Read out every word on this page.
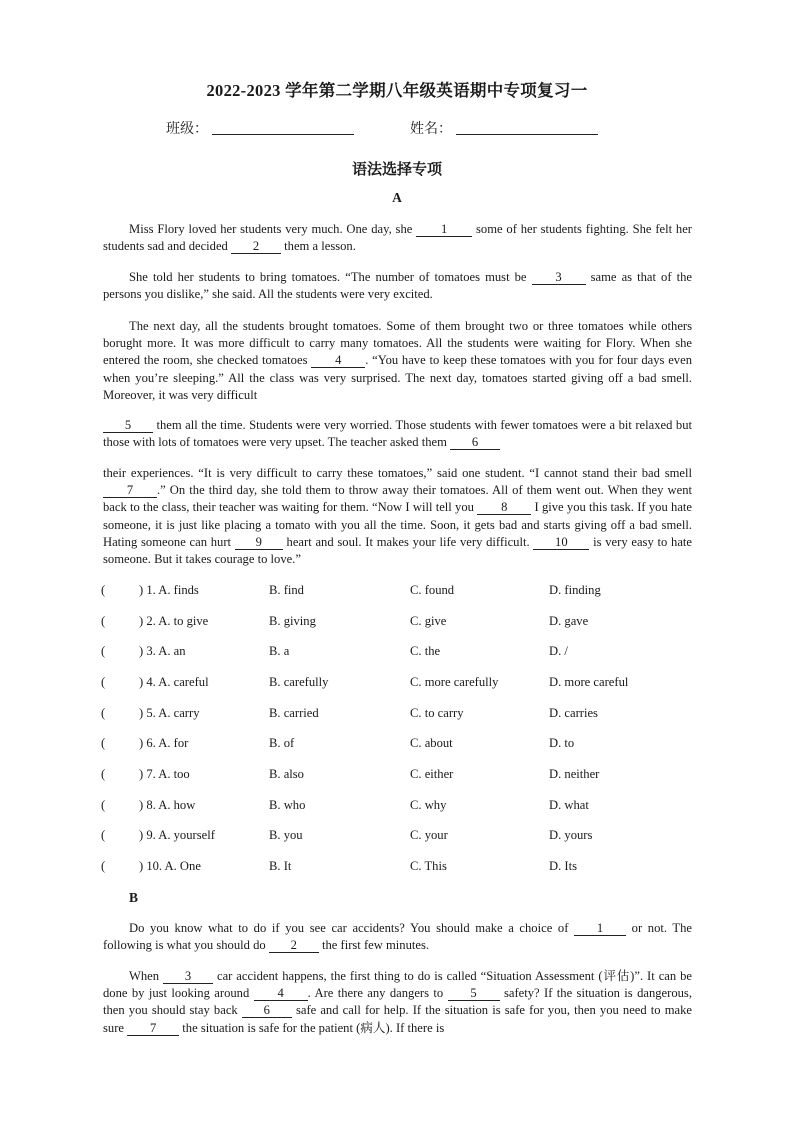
2022-2023 学年第二学期八年级英语期中专项复习一
班级：	姓名：
语法选择专项
A
Miss Flory loved her students very much. One day, she 1 some of her students fighting. She felt her students sad and decided 2 them a lesson.
She told her students to bring tomatoes. “The number of tomatoes must be 3 same as that of the persons you dislike,” she said. All the students were very excited.
The next day, all the students brought tomatoes. Some of them brought two or three tomatoes while others borught more. It was more difficult to carry many tomatoes. All the students were waiting for Flory. When she entered the room, she checked tomatoes 4 . “You have to keep these tomatoes with you for four days even when you’re sleeping.” All the class was very surprised. The next day, tomatoes started giving off a bad smell. Moreover, it was very difficult
5 them all the time. Students were very worried. Those students with fewer tomatoes were a bit relaxed but those with lots of tomatoes were very upset. The teacher asked them 6
their experiences. “It is very difficult to carry these tomatoes,” said one student. “I cannot stand their bad smell 7 .” On the third day, she told them to throw away their tomatoes. All of them went out. When they went back to the class, their teacher was waiting for them. “Now I will tell you 8 I give you this task. If you hate someone, it is just like placing a tomato with you all the time. Soon, it gets bad and starts giving off a bad smell. Hating someone can hurt 9 heart and soul. It makes your life very difficult. 10 is very easy to hate someone. But it takes courage to love.”
(	) 1. A. finds	B. find	C. found	D. finding
(	) 2. A. to give	B. giving	C. give	D. gave
(	) 3. A. an	B. a	C. the	D. /
(	) 4. A. careful	B. carefully	C. more carefully	D. more careful
(	) 5. A. carry	B. carried	C. to carry	D. carries
(	) 6. A. for	B. of	C. about	D. to
(	) 7. A. too	B. also	C. either	D. neither
(	) 8. A. how	B. who	C. why	D. what
(	) 9. A. yourself	B. you	C. your	D. yours
(	) 10. A. One	B. It	C. This	D. Its
B
Do you know what to do if you see car accidents? You should make a choice of 1 or not. The following is what you should do 2 the first few minutes.
When 3 car accident happens, the first thing to do is called “Situation Assessment (评估)”. It can be done by just looking around 4 . Are there any dangers to 5 safety? If the situation is dangerous, then you should stay back 6 safe and call for help. If the situation is safe for you, then you need to make sure 7 the situation is safe for the patient (病人). If there is
